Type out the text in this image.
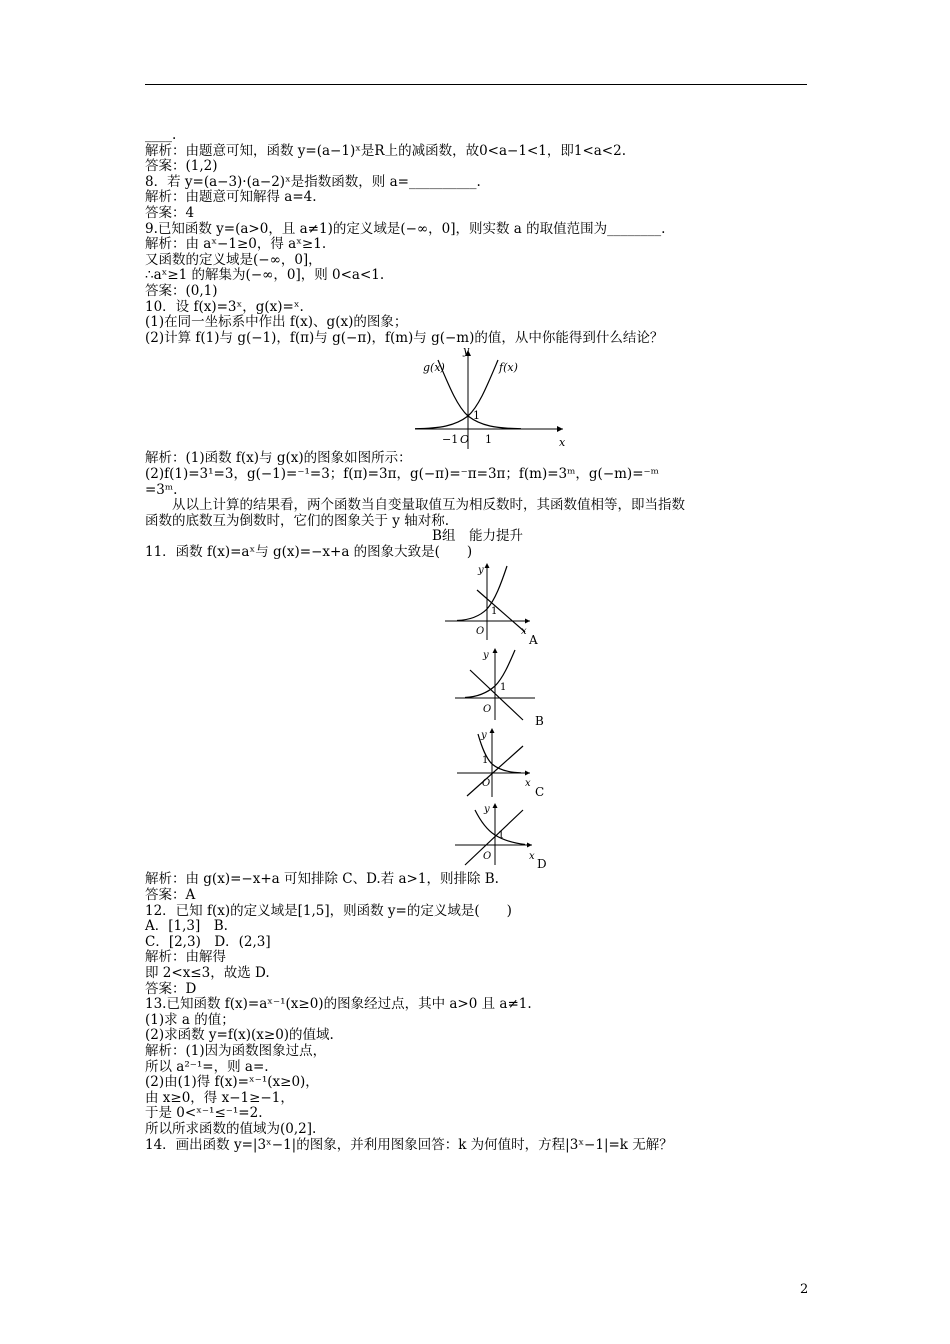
____.
解析：由题意可知，函数 y=(a−1)ˣ是R上的减函数，故0<a−1<1，即1<a<2.
答案：(1,2)
8．若 y=(a−3)·(a−2)ˣ是指数函数，则 a=__________.
解析：由题意可知解得 a=4.
答案：4
9.已知函数 y=(a>0，且 a≠1)的定义域是(−∞，0]，则实数 a 的取值范围为________.
解析：由 aˣ−1≥0，得 aˣ≥1.
又函数的定义域是(−∞，0]，
∴aˣ≥1 的解集为(−∞，0]，则 0<a<1.
答案：(0,1)
10．设 f(x)=3ˣ，g(x)=ˣ.
(1)在同一坐标系中作出 f(x)、g(x)的图象；
(2)计算 f(1)与 g(−1)，f(π)与 g(−π)，f(m)与 g(−m)的值，从中你能得到什么结论？
g(x)	f(x)
y
x
1
−1 O 1
解析：(1)函数 f(x)与 g(x)的图象如图所示：
(2)f(1)=3¹=3，g(−1)=⁻¹=3；f(π)=3π，g(−π)=⁻π=3π；f(m)=3ᵐ，g(−m)=⁻ᵐ
=3ᵐ.
从以上计算的结果看，两个函数当自变量取值互为相反数时，其函数值相等，即当指数
函数的底数互为倒数时，它们的图象关于 y 轴对称.
B组　能力提升
11．函数 f(x)=aˣ与 g(x)=−x+a 的图象大致是(　　)
y
1
O	x
A
y
1
O
B
y
1
O	x
C
y
1
O	x
D
解析：由 g(x)=−x+a 可知排除 C、D.若 a>1，则排除 B.
答案：A
12．已知 f(x)的定义域是[1,5]，则函数 y=的定义域是(　　)
A．[1,3]　B.
C．[2,3)　D．(2,3]
解析：由解得
即 2<x≤3，故选 D.
答案：D
13.已知函数 f(x)=aˣ⁻¹(x≥0)的图象经过点，其中 a>0 且 a≠1.
(1)求 a 的值；
(2)求函数 y=f(x)(x≥0)的值域.
解析：(1)因为函数图象过点，
所以 a²⁻¹=，则 a=.
(2)由(1)得 f(x)=ˣ⁻¹(x≥0)，
由 x≥0，得 x−1≥−1，
于是 0<ˣ⁻¹≤⁻¹=2.
所以所求函数的值域为(0,2].
14．画出函数 y=|3ˣ−1|的图象，并利用图象回答：k 为何值时，方程|3ˣ−1|=k 无解？
2
